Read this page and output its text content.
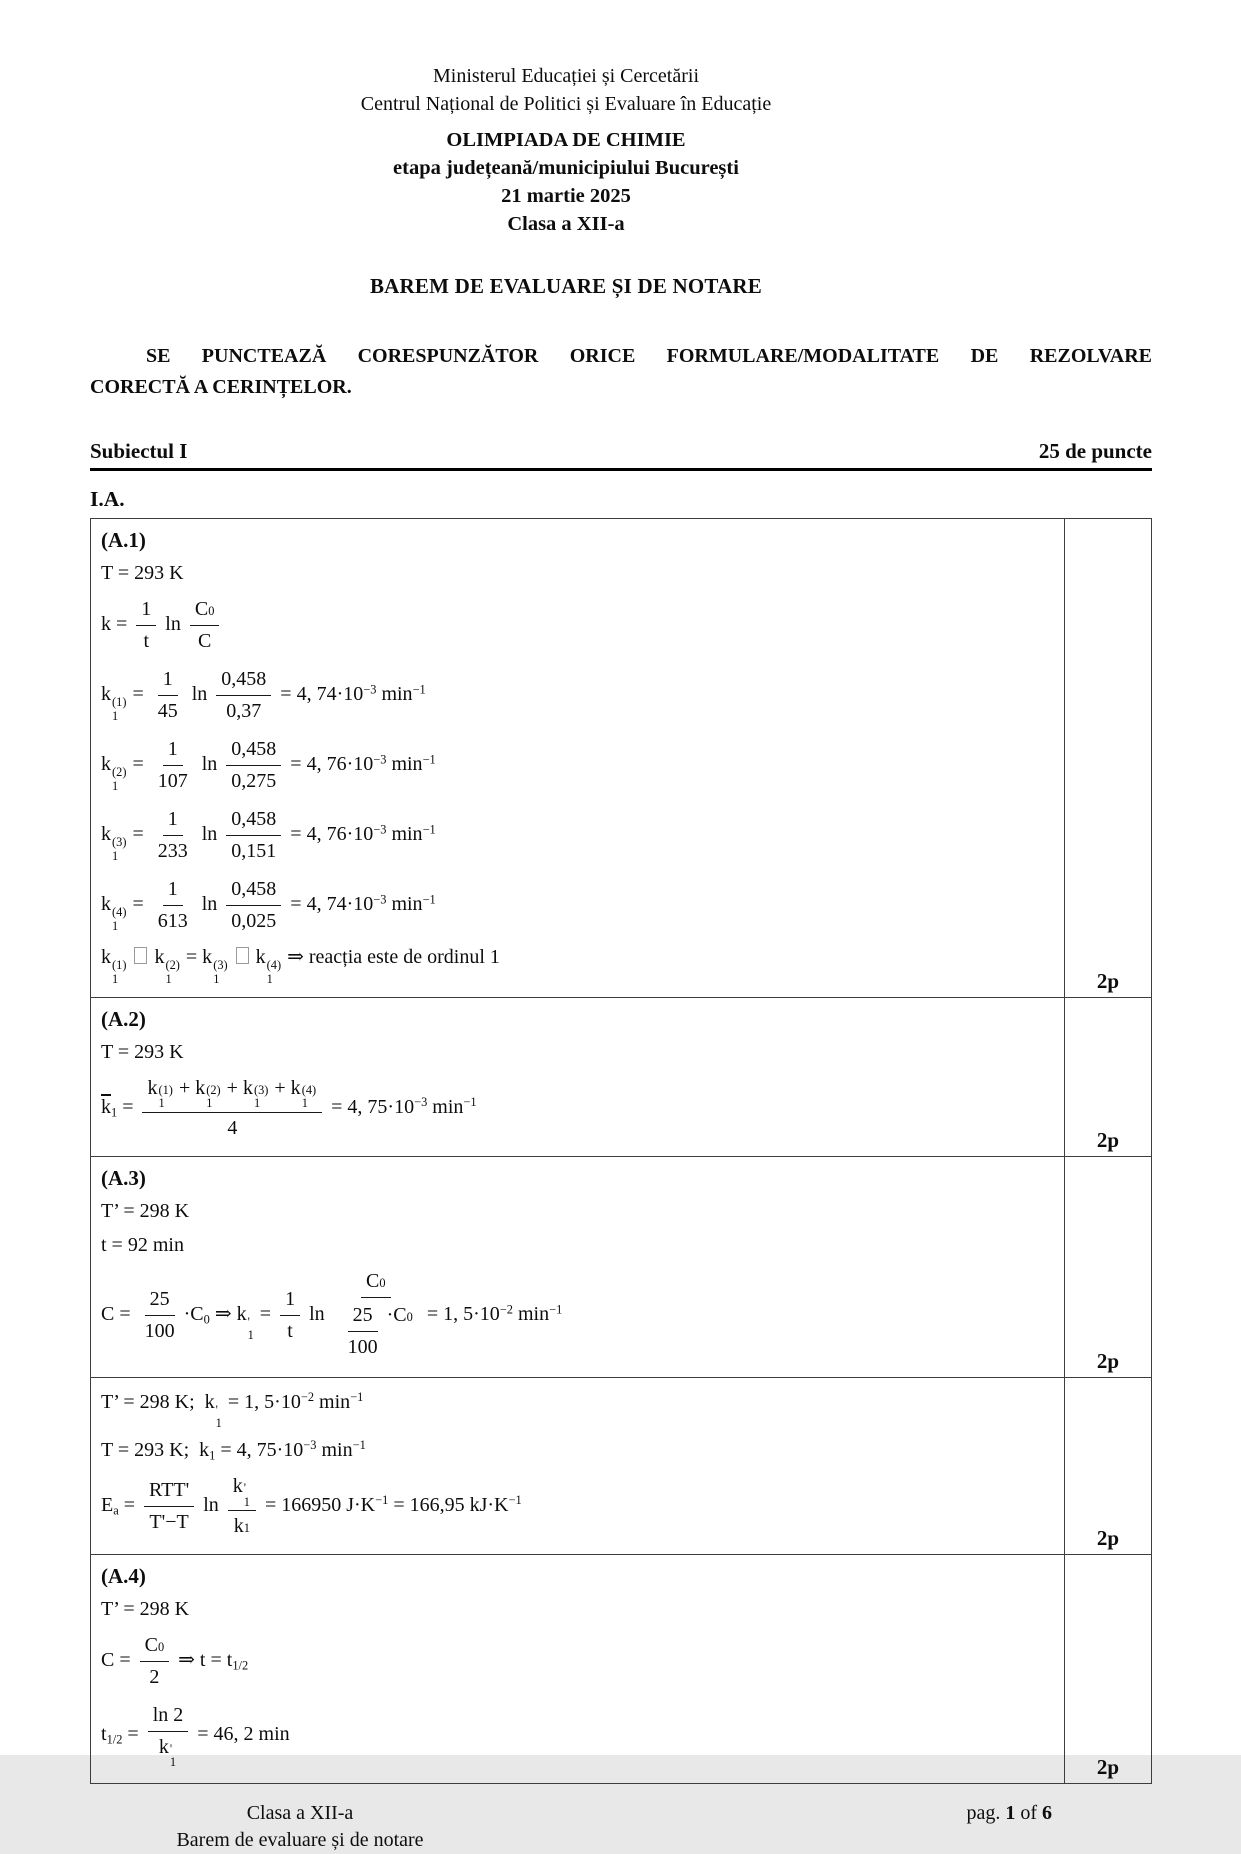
Ministerul Educației și Cercetării
Centrul Național de Politici și Evaluare în Educație
OLIMPIADA DE CHIMIE
etapa județeană/municipiului București
21 martie 2025
Clasa a XII-a
BAREM DE EVALUARE ȘI DE NOTARE
SE PUNCTEAZĂ CORESPUNZĂTOR ORICE FORMULARE/MODALITATE DE REZOLVARE
CORECTĂ A CERINȚELOR.
Subiectul I	25 de puncte
I.A.
(A.1)
T = 293 K
$k = \frac{1}{t}$ $\ln \frac{C 0}{C}$
k (1)
1
= $\frac{1}{45}$ $\ln \frac{0,458}{0,37} = 4$, $74\cdot 10^{-3}$ $\min^{-1}$
k (2)
1
= $\frac{1}{107}$ $\ln \frac{0,458}{0,275} = 4$, $76\cdot 10^{-3}$ $\min^{-1}$
k (3)
1
= $\frac{1}{233}$ $\ln \frac{0,458}{0,151} = 4$, $76\cdot 10^{-3}$ $\min^{-1}$
k (4)
1
= $\frac{1}{613}$ $\ln \frac{0,458}{0,025} = 4$, $74\cdot 10^{-3}$ $\min^{-1}$
k (1)
1
k (2)
1
= k (3)
1
k (4)
1
⇒ reacția este de ordinul 1
2p
(A.2)
T = 293 K
$\overline{k}_1 = k$ (1)
1
+ k (2)
1
+ k (3)
1
+ k (4)
1
4 = 4, $75\cdot 10^{-3}$ $\min^{-1}$
2p
(A.3)
T’ = 298 K
t = 92 min
$C = \frac{25}{100} \cdot C_0$ ⇒ k '
1
= $\frac{1}{t}$ $\ln \frac{C 0}{\frac{25}{100} \cdot C 0} = 1$, $5\cdot 10^{-2}$ $\min^{-1}$
2p
T’ = 298 K;  k '
1
= 1, $5\cdot 10^{-2}$ $\min^{-1}$
T = 293 K;  $k_1 = 4$, $75\cdot 10^{-3}$ $\min^{-1}$
$E_a = \frac{\text{RTT'}}{T'-T}$ ln k '
1
k 1 = 166950 $J\cdot K^{-1} = 166,95$ $kJ\cdot K^{-1}$
2p
(A.4)
T’ = 298 K
$C = \frac{C 0}{2}$ ⇒ $t = t_{1/2}$
$t_{1/2} = \ln 2$
k '
1 = 46, 2 min
2p
Clasa a XII-a
Barem de evaluare și de notare
pag. 1 of 6
